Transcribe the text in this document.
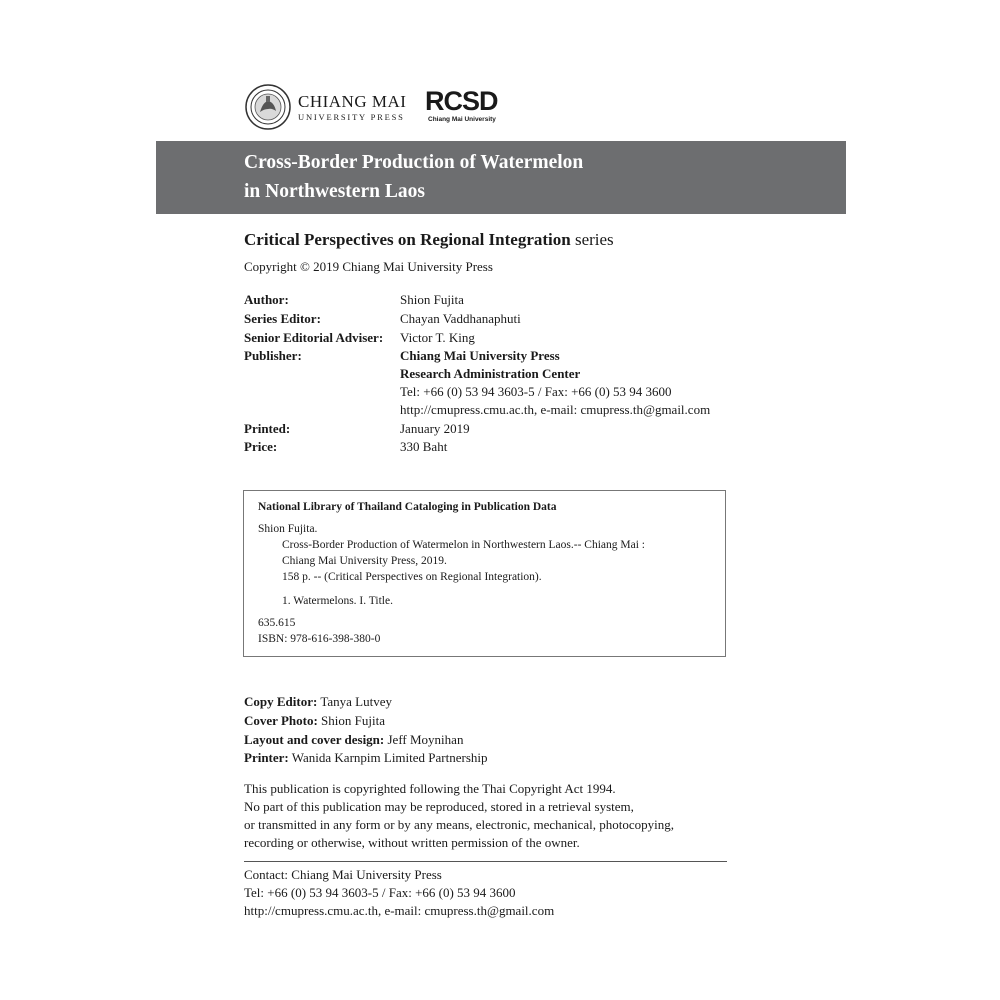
CHIANG MAI
UNIVERSITY PRESS
RCSD
Chiang Mai University
Cross-Border Production of Watermelon
in Northwestern Laos
Critical Perspectives on Regional Integration series
Copyright © 2019 Chiang Mai University Press
Author:	Shion Fujita
Series Editor:	Chayan Vaddhanaphuti
Senior Editorial Adviser: Victor T. King
Publisher:	Chiang Mai University Press
Research Administration Center
Tel: +66 (0) 53 94 3603-5 / Fax: +66 (0) 53 94 3600
http://cmupress.cmu.ac.th, e-mail: cmupress.th@gmail.com
Printed:	January 2019
Price:	330 Baht
National Library of Thailand Cataloging in Publication Data
Shion Fujita.
Cross-Border Production of Watermelon in Northwestern Laos.-- Chiang Mai :
Chiang Mai University Press, 2019.
158 p. -- (Critical Perspectives on Regional Integration).
1. Watermelons. I. Title.
635.615
ISBN: 978-616-398-380-0
Copy Editor: Tanya Lutvey
Cover Photo: Shion Fujita
Layout and cover design: Jeff Moynihan
Printer: Wanida Karnpim Limited Partnership
This publication is copyrighted following the Thai Copyright Act 1994.
No part of this publication may be reproduced, stored in a retrieval system,
or transmitted in any form or by any means, electronic, mechanical, photocopying,
recording or otherwise, without written permission of the owner.
Contact: Chiang Mai University Press
Tel: +66 (0) 53 94 3603-5 / Fax: +66 (0) 53 94 3600
http://cmupress.cmu.ac.th, e-mail: cmupress.th@gmail.com
